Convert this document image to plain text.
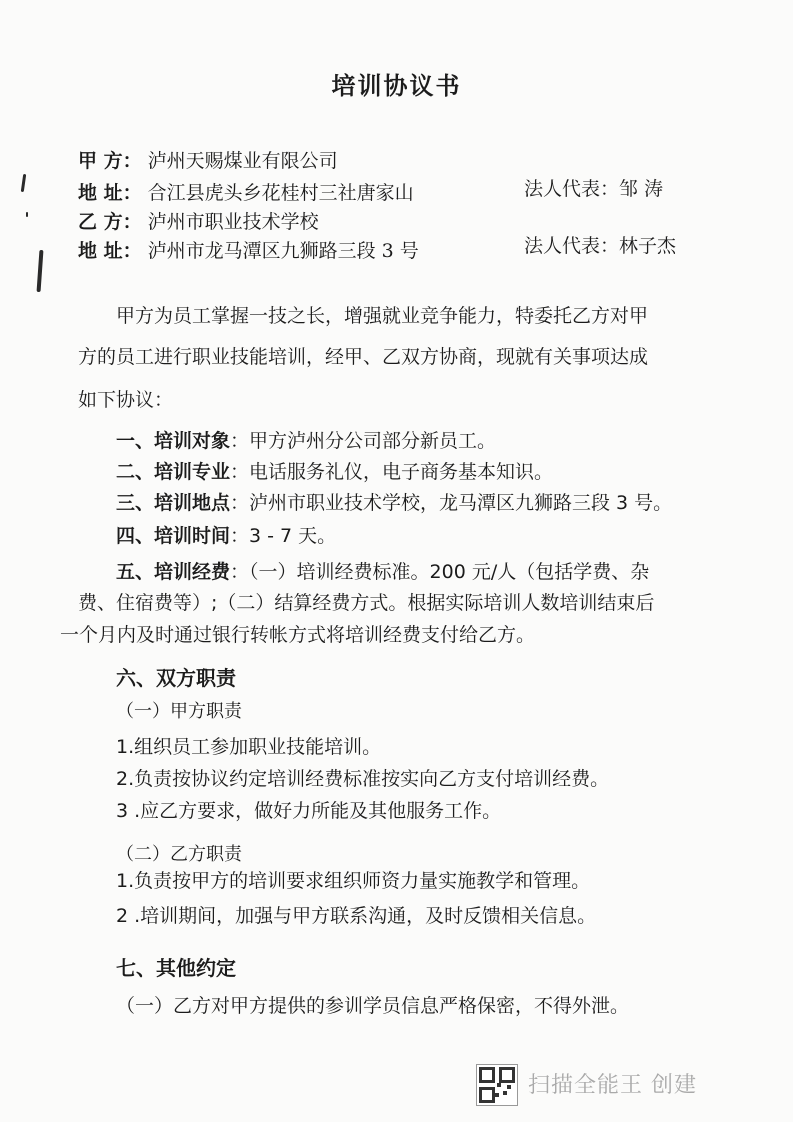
培训协议书
甲 方： 泸州天赐煤业有限公司
地 址： 合江县虎头乡花桂村三社唐家山	法人代表：邹 涛
乙 方： 泸州市职业技术学校
地 址： 泸州市龙马潭区九狮路三段 3 号	法人代表：林子杰
甲方为员工掌握一技之长，增强就业竞争能力，特委托乙方对甲
方的员工进行职业技能培训，经甲、乙双方协商，现就有关事项达成
如下协议：
一、培训对象：甲方泸州分公司部分新员工。
二、培训专业：电话服务礼仪，电子商务基本知识。
三、培训地点：泸州市职业技术学校，龙马潭区九狮路三段 3 号。
四、培训时间：3 - 7 天。
五、培训经费：（一）培训经费标准。200 元/人（包括学费、杂
费、住宿费等）;（二）结算经费方式。根据实际培训人数培训结束后
一个月内及时通过银行转帐方式将培训经费支付给乙方。
六、双方职责
（一）甲方职责
1.组织员工参加职业技能培训。
2.负责按协议约定培训经费标准按实向乙方支付培训经费。
3 .应乙方要求，做好力所能及其他服务工作。
（二）乙方职责
1.负责按甲方的培训要求组织师资力量实施教学和管理。
2 .培训期间，加强与甲方联系沟通，及时反馈相关信息。
七、其他约定
（一）乙方对甲方提供的参训学员信息严格保密，不得外泄。
扫描全能王 创建
